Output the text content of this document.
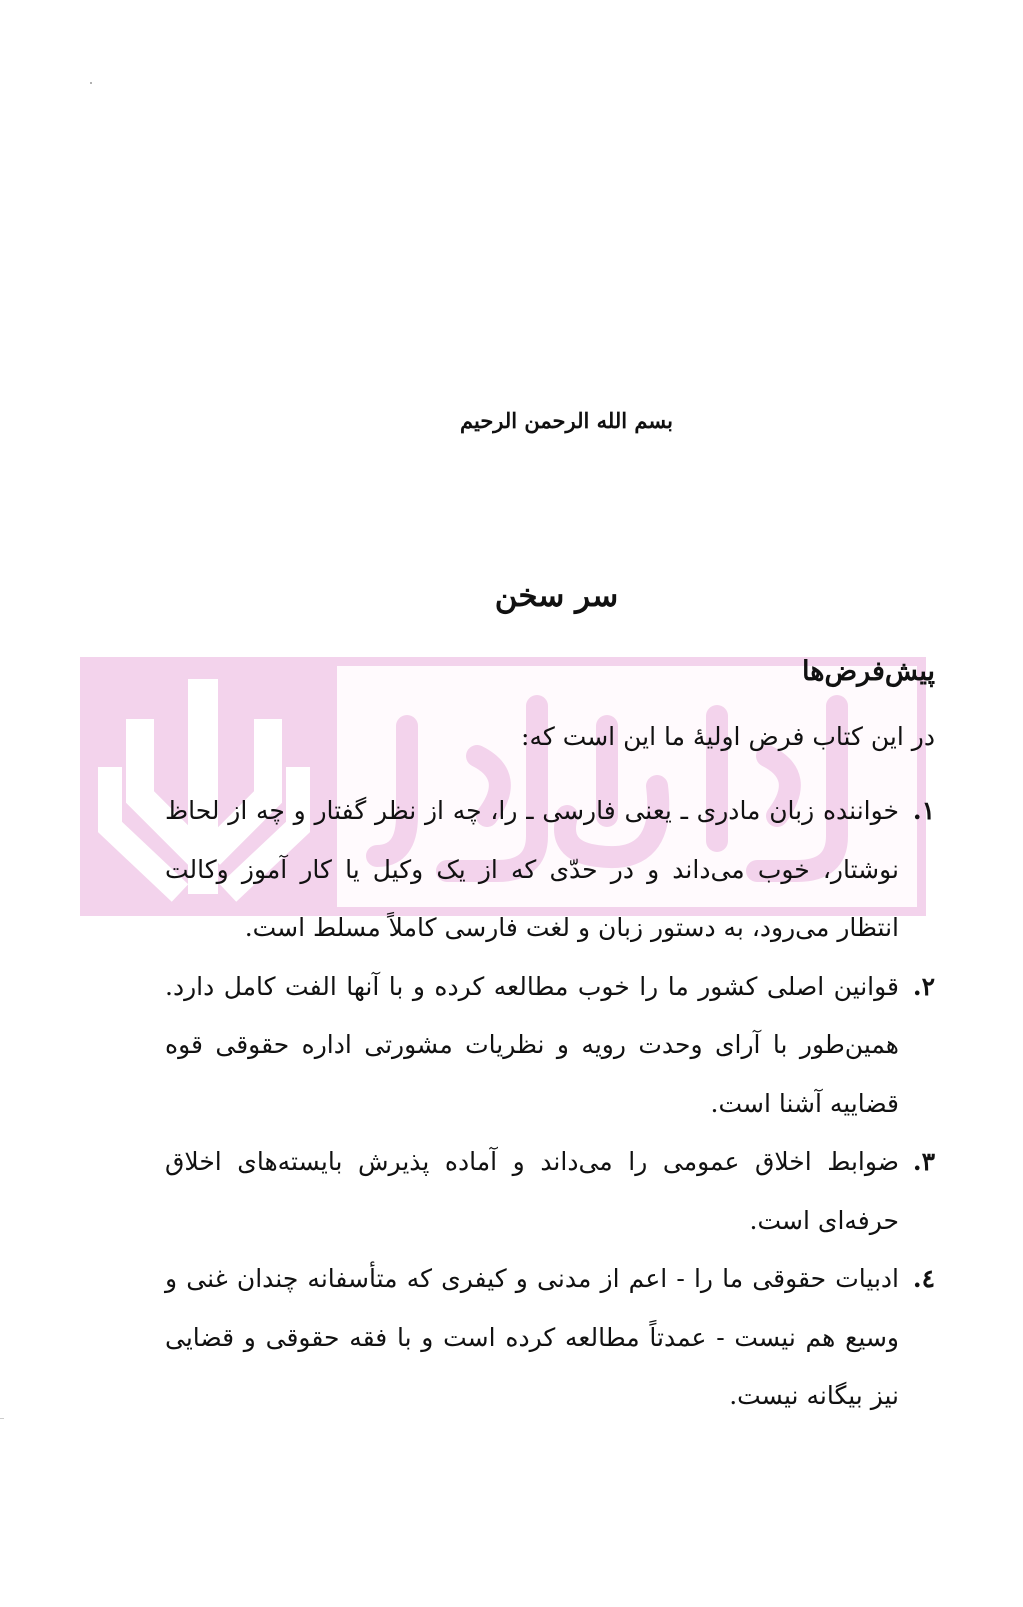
بسم الله الرحمن الرحیم
سر سخن
پیش‌فرض‌ها
در این کتاب فرض اولیهٔ ما این است که:
۱.
خواننده زبان مادری ـ یعنی فارسی ـ را، چه از نظر گفتار و چه از لحاظ نوشتار، خوب می‌داند و در حدّی که از یک وکیل یا کار آموز وکالت انتظار می‌رود، به دستور زبان و لغت فارسی کاملاً مسلط است.
۲.
قوانین اصلی کشور ما را خوب مطالعه کرده و با آنها الفت کامل دارد. همین‌طور با آرای وحدت رویه و نظریات مشورتی اداره حقوقی قوه قضاییه آشنا است.
۳.
ضوابط اخلاق عمومی را می‌داند و آماده پذیرش بایسته‌های اخلاق حرفه‌ای است.
٤.
ادبیات حقوقی ما را - اعم از مدنی و کیفری که متأسفانه چندان غنی و وسیع هم نیست - عمدتاً مطالعه کرده است و با فقه حقوقی و قضایی نیز بیگانه نیست.
